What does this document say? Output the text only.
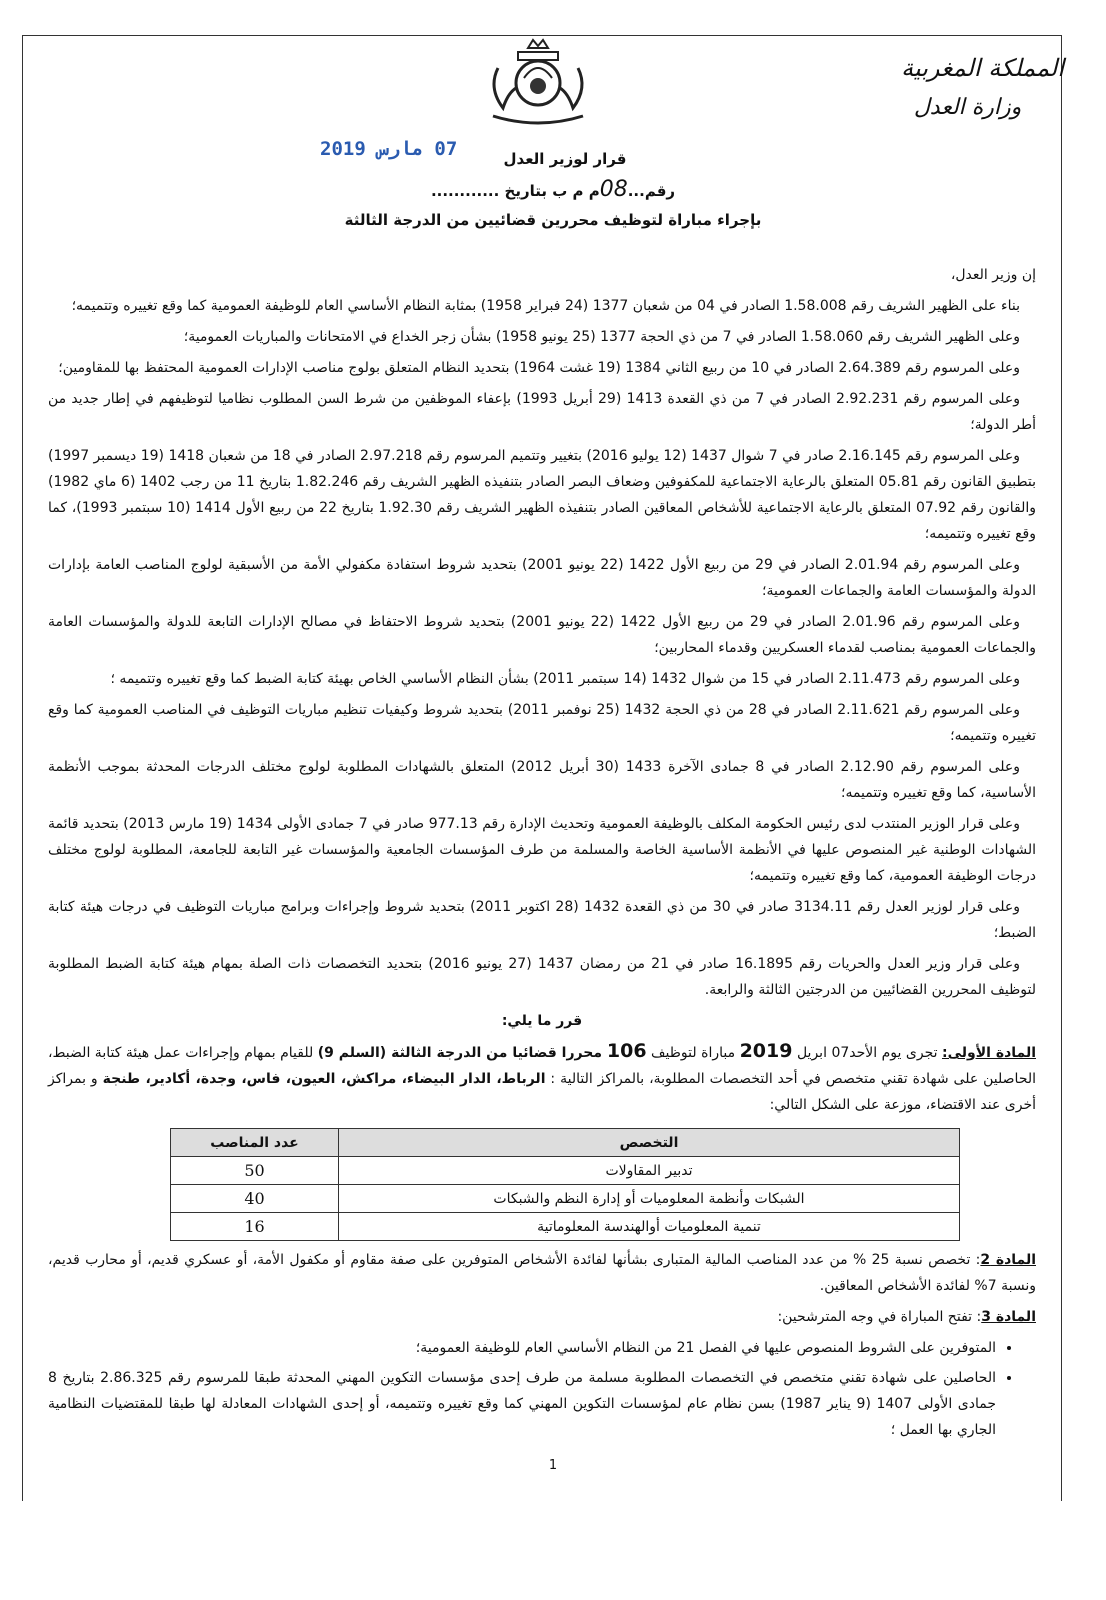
المملكة المغربية
وزارة العدل
07 مارس 2019	قرار لوزير العدل
رقم...08م م ب بتاريخ ............
بإجراء مباراة لتوظيف محررين قضائيين من الدرجة الثالثة

إن وزير العدل،

بناء على الظهير الشريف رقم 1.58.008 الصادر في 04 من شعبان 1377 (24 فبراير 1958) بمثابة النظام الأساسي العام للوظيفة العمومية كما وقع تغييره وتتميمه؛

وعلى الظهير الشريف رقم 1.58.060 الصادر في 7 من ذي الحجة 1377 (25 يونيو 1958) بشأن زجر الخداع في الامتحانات والمباريات العمومية؛

وعلى المرسوم رقم 2.64.389 الصادر في 10 من ربيع الثاني 1384 (19 غشت 1964) بتحديد النظام المتعلق بولوج مناصب الإدارات العمومية المحتفظ بها للمقاومين؛

وعلى المرسوم رقم 2.92.231 الصادر في 7 من ذي القعدة 1413 (29 أبريل 1993) بإعفاء الموظفين من شرط السن المطلوب نظاميا لتوظيفهم في إطار جديد من أطر الدولة؛

وعلى المرسوم رقم 2.16.145 صادر في 7 شوال 1437 (12 يوليو 2016) بتغيير وتتميم المرسوم رقم 2.97.218 الصادر في 18 من شعبان 1418 (19 ديسمبر 1997) بتطبيق القانون رقم 05.81 المتعلق بالرعاية الاجتماعية للمكفوفين وضعاف البصر الصادر بتنفيذه الظهير الشريف رقم 1.82.246 بتاريخ 11 من رجب 1402 (6 ماي 1982) والقانون رقم 07.92 المتعلق بالرعاية الاجتماعية للأشخاص المعاقين الصادر بتنفيذه الظهير الشريف رقم 1.92.30 بتاريخ 22 من ربيع الأول 1414 (10 سبتمبر 1993)، كما وقع تغييره وتتميمه؛

وعلى المرسوم رقم 2.01.94 الصادر في 29 من ربيع الأول 1422 (22 يونيو 2001) بتحديد شروط استفادة مكفولي الأمة من الأسبقية لولوج المناصب العامة بإدارات الدولة والمؤسسات العامة والجماعات العمومية؛

وعلى المرسوم رقم 2.01.96 الصادر في 29 من ربيع الأول 1422 (22 يونيو 2001) بتحديد شروط الاحتفاظ في مصالح الإدارات التابعة للدولة والمؤسسات العامة والجماعات العمومية بمناصب لقدماء العسكريين وقدماء المحاربين؛

وعلى المرسوم رقم 2.11.473 الصادر في 15 من شوال 1432 (14 سبتمبر 2011) بشأن النظام الأساسي الخاص بهيئة كتابة الضبط كما وقع تغييره وتتميمه ؛

وعلى المرسوم رقم 2.11.621 الصادر في 28 من ذي الحجة 1432 (25 نوفمبر 2011) بتحديد شروط وكيفيات تنظيم مباريات التوظيف في المناصب العمومية كما وقع تغييره وتتميمه؛

وعلى المرسوم رقم 2.12.90 الصادر في 8 جمادى الآخرة 1433 (30 أبريل 2012) المتعلق بالشهادات المطلوبة لولوج مختلف الدرجات المحدثة بموجب الأنظمة الأساسية، كما وقع تغييره وتتميمه؛

وعلى قرار الوزير المنتدب لدى رئيس الحكومة المكلف بالوظيفة العمومية وتحديث الإدارة رقم 977.13 صادر في 7 جمادى الأولى 1434 (19 مارس 2013) بتحديد قائمة الشهادات الوطنية غير المنصوص عليها في الأنظمة الأساسية الخاصة والمسلمة من طرف المؤسسات الجامعية والمؤسسات غير التابعة للجامعة، المطلوبة لولوج مختلف درجات الوظيفة العمومية، كما وقع تغييره وتتميمه؛

وعلى قرار لوزير العدل رقم 3134.11 صادر في 30 من ذي القعدة 1432 (28 اكتوبر 2011) بتحديد شروط وإجراءات وبرامج مباريات التوظيف في درجات هيئة كتابة الضبط؛

وعلى قرار وزير العدل والحريات رقم 16.1895 صادر في 21 من رمضان 1437 (27 يونيو 2016) بتحديد التخصصات ذات الصلة بمهام هيئة كتابة الضبط المطلوبة لتوظيف المحررين القضائيين من الدرجتين الثالثة والرابعة.

قرر ما يلي:

المادة الأولى: تجرى يوم الأحد07 ابريل 2019 مباراة لتوظيف 106 محررا قضائيا من الدرجة الثالثة (السلم 9) للقيام بمهام وإجراءات عمل هيئة كتابة الضبط، الحاصلين على شهادة تقني متخصص في أحد التخصصات المطلوبة، بالمراكز التالية : الرباط، الدار البيضاء، مراكش، العيون، فاس، وجدة، أكادير، طنجة و بمراكز أخرى عند الاقتضاء، موزعة على الشكل التالي:

التخصص	عدد المناصب
تدبير المقاولات	50
الشبكات وأنظمة المعلوميات أو إدارة النظم والشبكات	40
تنمية المعلوميات أوالهندسة المعلوماتية	16

المادة 2: تخصص نسبة 25 % من عدد المناصب المالية المتبارى بشأنها لفائدة الأشخاص المتوفرين على صفة مقاوم أو مكفول الأمة، أو عسكري قديم، أو محارب قديم، ونسبة 7% لفائدة الأشخاص المعاقين.

المادة 3: تفتح المباراة في وجه المترشحين:

• المتوفرين على الشروط المنصوص عليها في الفصل 21 من النظام الأساسي العام للوظيفة العمومية؛
• الحاصلين على شهادة تقني متخصص في التخصصات المطلوبة مسلمة من طرف إحدى مؤسسات التكوين المهني المحدثة طبقا للمرسوم رقم 2.86.325 بتاريخ 8 جمادى الأولى 1407 (9 يناير 1987) بسن نظام عام لمؤسسات التكوين المهني كما وقع تغييره وتتميمه، أو إحدى الشهادات المعادلة لها طبقا للمقتضيات النظامية الجاري بها العمل ؛
1
